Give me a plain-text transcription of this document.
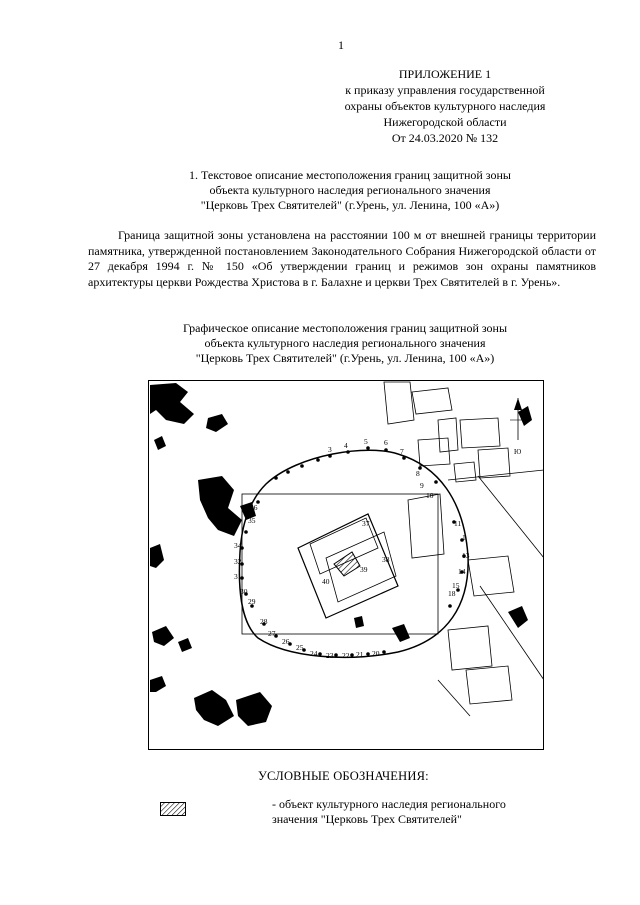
1
ПРИЛОЖЕНИЕ 1
к приказу управления государственной
охраны объектов культурного наследия
Нижегородской области
От 24.03.2020 № 132
1. Текстовое описание местоположения границ защитной зоны
объекта культурного наследия регионального значения
"Церковь Трех Святителей" (г.Урень, ул. Ленина, 100 «А»)
Граница защитной зоны установлена на расстоянии 100 м от внешней границы территории памятника, утвержденной постановлением Законодательного Собрания Нижегородской области от 27 декабря 1994 г. № 150 «Об утверждении границ и режимов зон охраны памятников архитектуры церкви Рождества Христова в г. Балахне и церкви Трех Святителей в г. Урень».
Графическое описание местоположения границ защитной зоны
объекта культурного наследия регионального значения
"Церковь Трех Святителей" (г.Урень, ул. Ленина, 100 «А»)
5 6
7
8
9
10
11
1
13
14
15
4
3
16
35
34
32
31
30
29
28
27
26
25
24 23 22 21 20
37
38
39
40
18
Ю
УСЛОВНЫЕ ОБОЗНАЧЕНИЯ:
- объект культурного наследия регионального
значения "Церковь Трех Святителей"
